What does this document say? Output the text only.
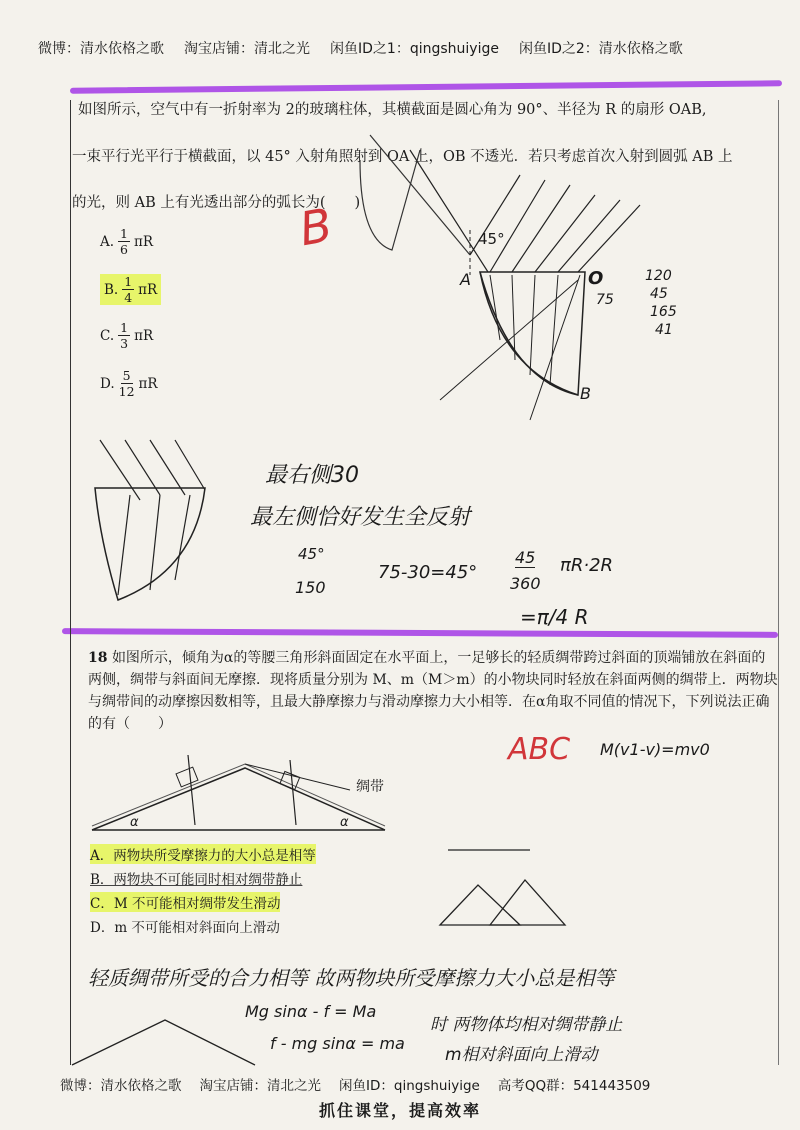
微博：清水依格之歌 淘宝店铺：清北之光 闲鱼ID之1：qingshuiyige 闲鱼ID之2：清水依格之歌
如图所示，空气中有一折射率为 2的玻璃柱体，其横截面是圆心角为 90°、半径为 R 的扇形 OAB,
一束平行光平行于横截面，以 45° 入射角照射到 OA 上，OB 不透光．若只考虑首次入射到圆弧 AB 上
的光，则 AB 上有光透出部分的弧长为(　　)
A. $\frac{1}{6}$ πR
B. $\frac{1}{4}$ πR
C. $\frac{1}{3}$ πR
D. $\frac{5}{12}$ πR
B	45°
A	O
B
120
45
165
41
75
最右侧30
最左侧恰好发生全反射
45°
150
75-30=45°
45
360
πR·2R
=π/4 R
18 如图所示，倾角为α的等腰三角形斜面固定在水平面上，一足够长的轻质绸带跨过斜面的顶端铺放在斜面的两侧，绸带与斜面间无摩擦．现将质量分别为 M、m（M＞m）的小物块同时轻放在斜面两侧的绸带上．两物块与绸带间的动摩擦因数相等，且最大静摩擦力与滑动摩擦力大小相等．在α角取不同值的情况下，下列说法正确的有（　　）
ABC M(v1-v)=mv0
绸带
α	α
A．两物块所受摩擦力的大小总是相等
B．两物块不可能同时相对绸带静止
C．M 不可能相对绸带发生滑动
D．m 不可能相对斜面向上滑动
轻质绸带所受的合力相等 故两物块所受摩擦力大小总是相等
Mg sinα - f = Ma
f - mg sinα = ma
时 两物体均相对绸带静止
m相对斜面向上滑动
微博：清水依格之歌 淘宝店铺：清北之光 闲鱼ID：qingshuiyige 高考QQ群：541443509
抓住课堂，提高效率
